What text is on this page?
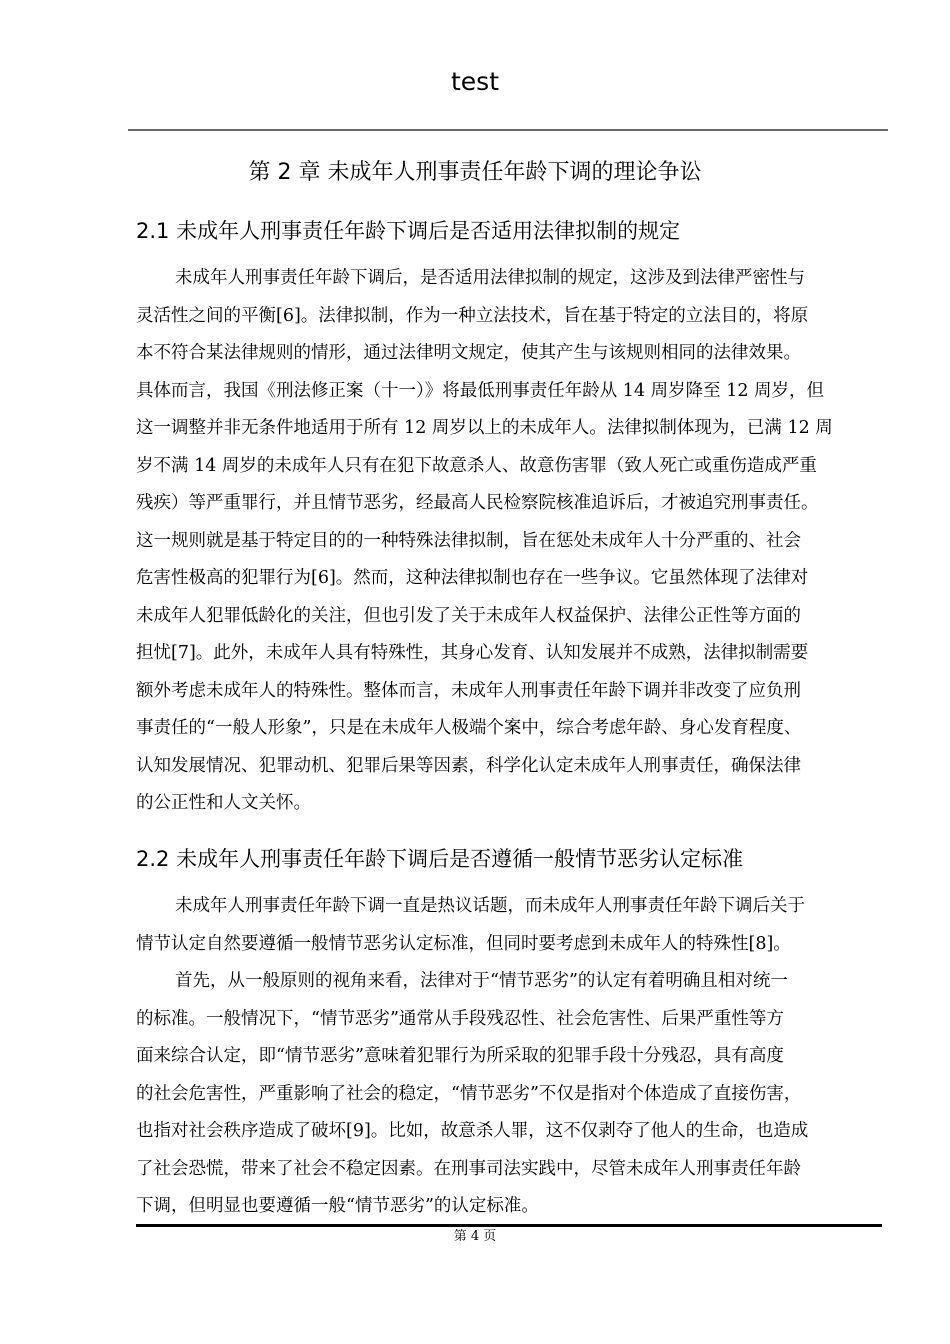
test
第 2 章 未成年人刑事责任年龄下调的理论争讼
2.1 未成年人刑事责任年龄下调后是否适用法律拟制的规定
未成年人刑事责任年龄下调后，是否适用法律拟制的规定，这涉及到法律严密性与
灵活性之间的平衡[6]。法律拟制，作为一种立法技术，旨在基于特定的立法目的，将原
本不符合某法律规则的情形，通过法律明文规定，使其产生与该规则相同的法律效果。
具体而言，我国《刑法修正案（十一）》将最低刑事责任年龄从 14 周岁降至 12 周岁，但
这一调整并非无条件地适用于所有 12 周岁以上的未成年人。法律拟制体现为，已满 12 周
岁不满 14 周岁的未成年人只有在犯下故意杀人、故意伤害罪（致人死亡或重伤造成严重
残疾）等严重罪行，并且情节恶劣，经最高人民检察院核准追诉后，才被追究刑事责任。
这一规则就是基于特定目的的一种特殊法律拟制，旨在惩处未成年人十分严重的、社会
危害性极高的犯罪行为[6]。然而，这种法律拟制也存在一些争议。它虽然体现了法律对
未成年人犯罪低龄化的关注，但也引发了关于未成年人权益保护、法律公正性等方面的
担忧[7]。此外，未成年人具有特殊性，其身心发育、认知发展并不成熟，法律拟制需要
额外考虑未成年人的特殊性。整体而言，未成年人刑事责任年龄下调并非改变了应负刑
事责任的“一般人形象”，只是在未成年人极端个案中，综合考虑年龄、身心发育程度、
认知发展情况、犯罪动机、犯罪后果等因素，科学化认定未成年人刑事责任，确保法律
的公正性和人文关怀。
2.2 未成年人刑事责任年龄下调后是否遵循一般情节恶劣认定标准
未成年人刑事责任年龄下调一直是热议话题，而未成年人刑事责任年龄下调后关于
情节认定自然要遵循一般情节恶劣认定标准，但同时要考虑到未成年人的特殊性[8]。
首先，从一般原则的视角来看，法律对于“情节恶劣”的认定有着明确且相对统一
的标准。一般情况下，“情节恶劣”通常从手段残忍性、社会危害性、后果严重性等方
面来综合认定，即“情节恶劣”意味着犯罪行为所采取的犯罪手段十分残忍，具有高度
的社会危害性，严重影响了社会的稳定，“情节恶劣”不仅是指对个体造成了直接伤害，
也指对社会秩序造成了破坏[9]。比如，故意杀人罪，这不仅剥夺了他人的生命，也造成
了社会恐慌，带来了社会不稳定因素。在刑事司法实践中，尽管未成年人刑事责任年龄
下调，但明显也要遵循一般“情节恶劣”的认定标准。
第 4 页
